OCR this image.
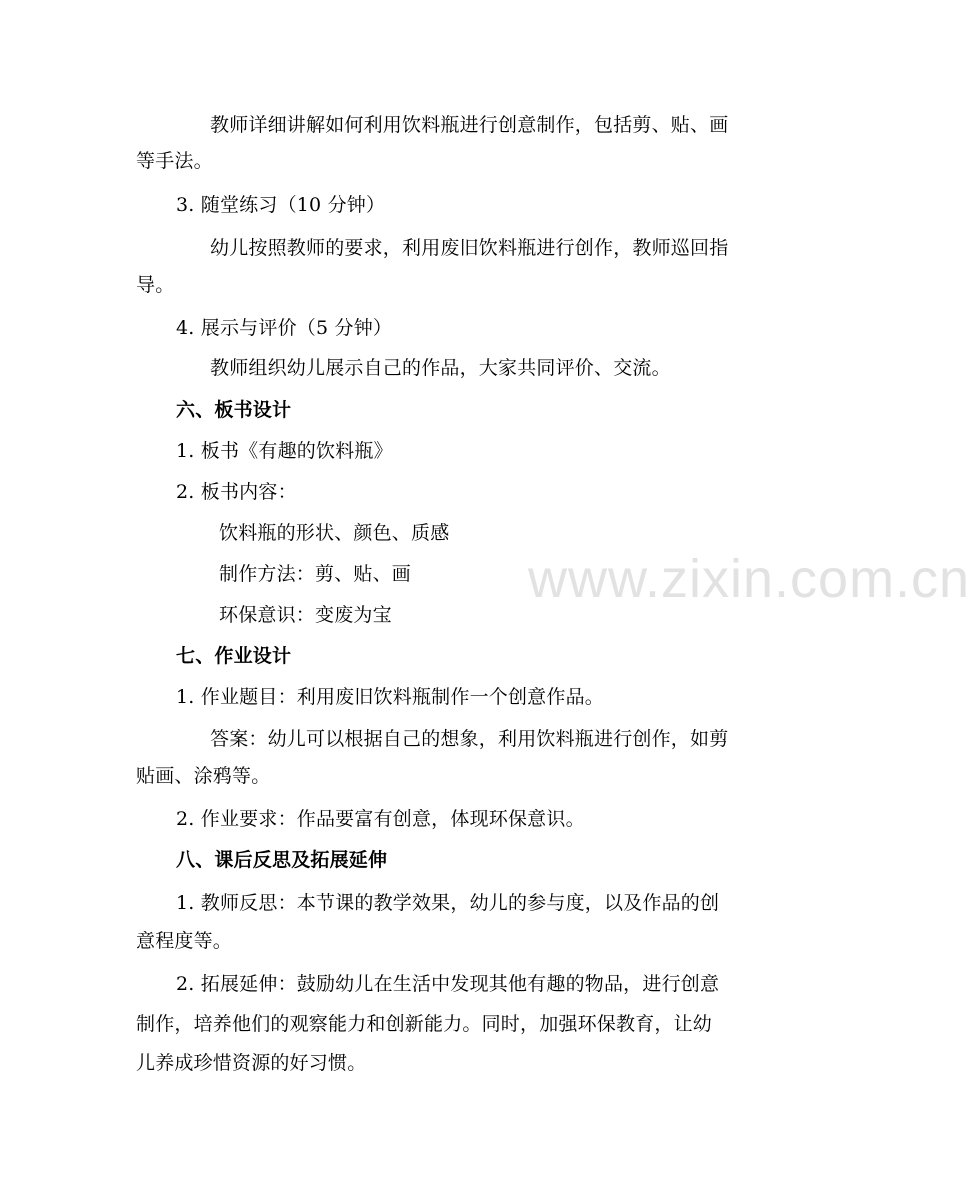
www.zixin.com.cn
教师详细讲解如何利用饮料瓶进行创意制作，包括剪、贴、画
等手法。
3. 随堂练习（10 分钟）
幼儿按照教师的要求，利用废旧饮料瓶进行创作，教师巡回指
导。
4. 展示与评价（5 分钟）
教师组织幼儿展示自己的作品，大家共同评价、交流。
六、板书设计
1. 板书《有趣的饮料瓶》
2. 板书内容：
饮料瓶的形状、颜色、质感
制作方法：剪、贴、画
环保意识：变废为宝
七、作业设计
1. 作业题目：利用废旧饮料瓶制作一个创意作品。
答案：幼儿可以根据自己的想象，利用饮料瓶进行创作，如剪
贴画、涂鸦等。
2. 作业要求：作品要富有创意，体现环保意识。
八、课后反思及拓展延伸
1. 教师反思：本节课的教学效果，幼儿的参与度，以及作品的创
意程度等。
2. 拓展延伸：鼓励幼儿在生活中发现其他有趣的物品，进行创意
制作，培养他们的观察能力和创新能力。同时，加强环保教育，让幼
儿养成珍惜资源的好习惯。
